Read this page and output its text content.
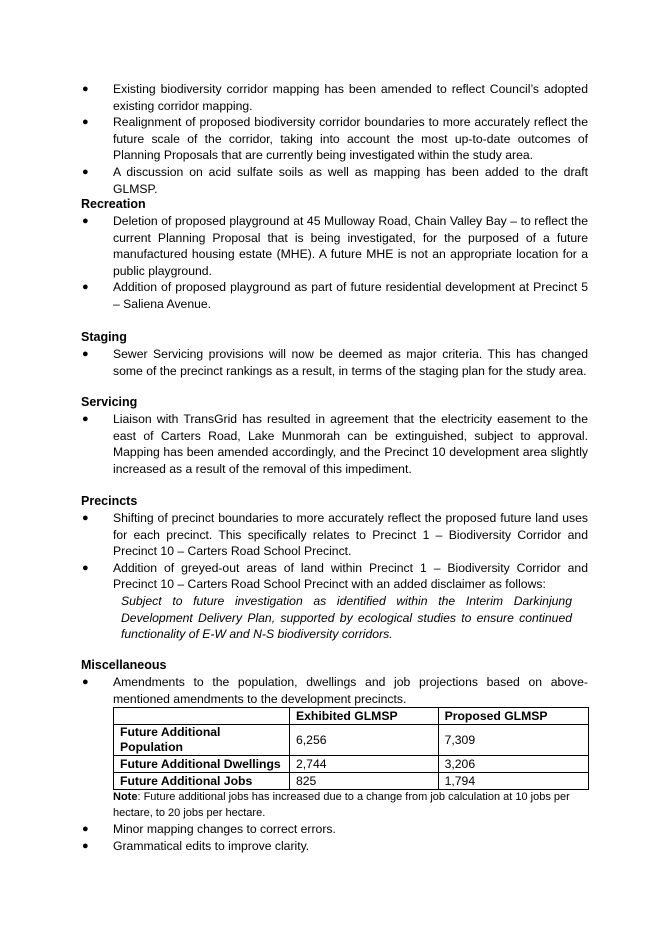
● Existing biodiversity corridor mapping has been amended to reflect Council’s adopted existing corridor mapping.
● Realignment of proposed biodiversity corridor boundaries to more accurately reflect the future scale of the corridor, taking into account the most up-to-date outcomes of Planning Proposals that are currently being investigated within the study area.
● A discussion on acid sulfate soils as well as mapping has been added to the draft GLMSP.
Recreation
● Deletion of proposed playground at 45 Mulloway Road, Chain Valley Bay – to reflect the current Planning Proposal that is being investigated, for the purposed of a future manufactured housing estate (MHE). A future MHE is not an appropriate location for a public playground.
● Addition of proposed playground as part of future residential development at Precinct 5 – Saliena Avenue.
Staging
● Sewer Servicing provisions will now be deemed as major criteria. This has changed some of the precinct rankings as a result, in terms of the staging plan for the study area.
Servicing
● Liaison with TransGrid has resulted in agreement that the electricity easement to the east of Carters Road, Lake Munmorah can be extinguished, subject to approval. Mapping has been amended accordingly, and the Precinct 10 development area slightly increased as a result of the removal of this impediment.
Precincts
● Shifting of precinct boundaries to more accurately reflect the proposed future land uses for each precinct. This specifically relates to Precinct 1 – Biodiversity Corridor and Precinct 10 – Carters Road School Precinct.
● Addition of greyed-out areas of land within Precinct 1 – Biodiversity Corridor and Precinct 10 – Carters Road School Precinct with an added disclaimer as follows:
Subject to future investigation as identified within the Interim Darkinjung Development Delivery Plan, supported by ecological studies to ensure continued functionality of E-W and N-S biodiversity corridors.
Miscellaneous
● Amendments to the population, dwellings and job projections based on above-mentioned amendments to the development precincts.
	Exhibited GLMSP	Proposed GLMSP
Future Additional Population	6,256	7,309
Future Additional Dwellings	2,744	3,206
Future Additional Jobs	825	1,794
Note: Future additional jobs has increased due to a change from job calculation at 10 jobs per hectare, to 20 jobs per hectare.
● Minor mapping changes to correct errors.
● Grammatical edits to improve clarity.
